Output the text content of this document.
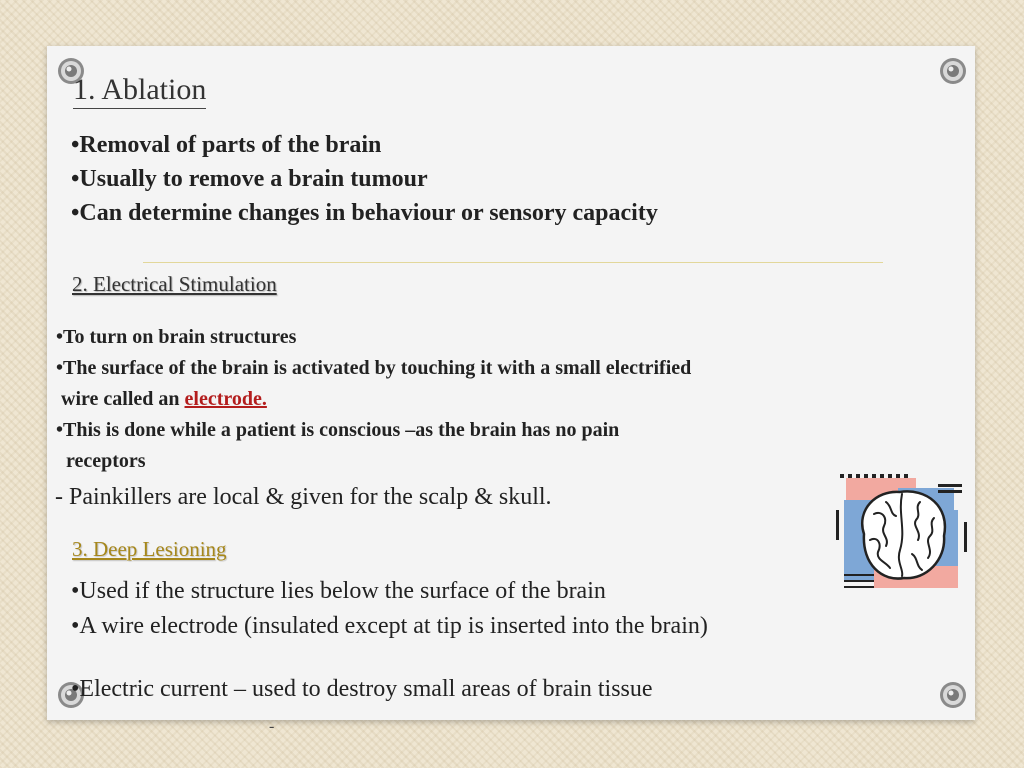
1. Ablation
•Removal of parts of the brain
•Usually to remove a brain tumour
•Can determine changes in behaviour or sensory capacity
2. Electrical Stimulation
•To turn on brain structures
•The surface of the brain is activated by touching it with a small electrified
wire called an electrode.
•This is done while a patient is conscious –as the brain has no pain
receptors

- Painkillers are local & given for the scalp & skull.

3. Deep Lesioning
•Used if the structure lies below the surface of the brain
•A wire electrode (insulated except at tip is inserted into the brain)

•Electric current – used to destroy small areas of brain tissue

-
